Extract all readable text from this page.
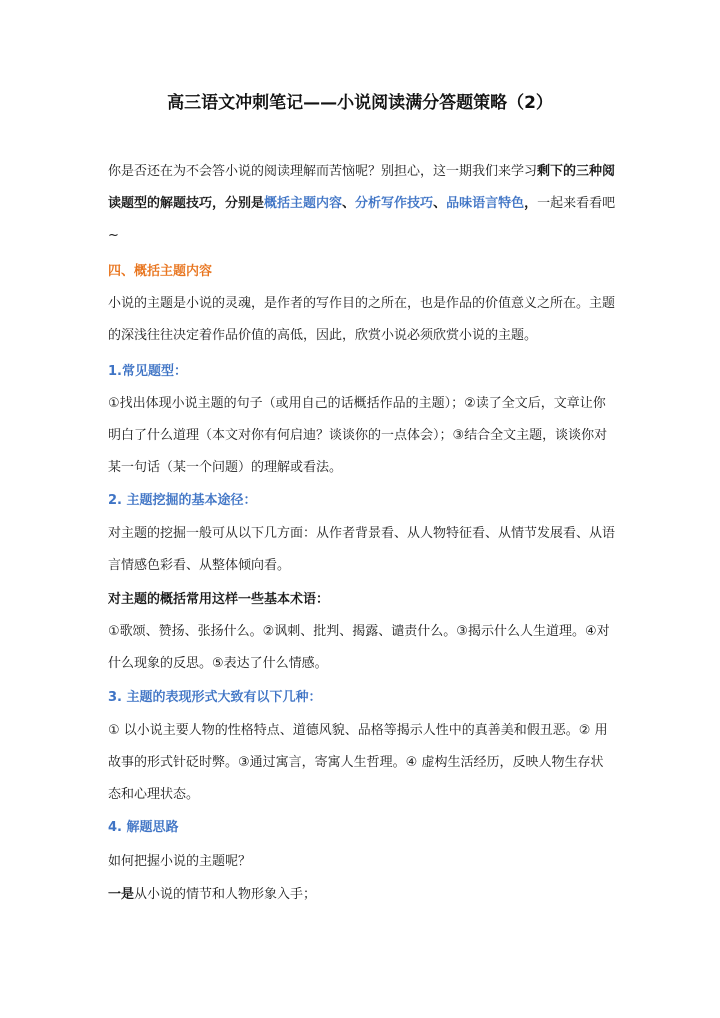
高三语文冲刺笔记——小说阅读满分答题策略（2）
你是否还在为不会答小说的阅读理解而苦恼呢？别担心，这一期我们来学习剩下的三种阅读题型的解题技巧，分别是概括主题内容、分析写作技巧、品味语言特色，一起来看看吧~
四、概括主题内容
小说的主题是小说的灵魂，是作者的写作目的之所在，也是作品的价值意义之所在。主题的深浅往往决定着作品价值的高低，因此，欣赏小说必须欣赏小说的主题。
1.常见题型：
①找出体现小说主题的句子（或用自己的话概括作品的主题）；②读了全文后，文章让你明白了什么道理（本文对你有何启迪？谈谈你的一点体会）；③结合全文主题，谈谈你对某一句话（某一个问题）的理解或看法。
2. 主题挖掘的基本途径：
对主题的挖掘一般可从以下几方面：从作者背景看、从人物特征看、从情节发展看、从语言情感色彩看、从整体倾向看。
对主题的概括常用这样一些基本术语：
①歌颂、赞扬、张扬什么。②讽刺、批判、揭露、谴责什么。③揭示什么人生道理。④对什么现象的反思。⑤表达了什么情感。
3. 主题的表现形式大致有以下几种：
① 以小说主要人物的性格特点、道德风貌、品格等揭示人性中的真善美和假丑恶。② 用故事的形式针砭时弊。③通过寓言，寄寓人生哲理。④ 虚构生活经历，反映人物生存状态和心理状态。
4. 解题思路
如何把握小说的主题呢？
一是从小说的情节和人物形象入手；
